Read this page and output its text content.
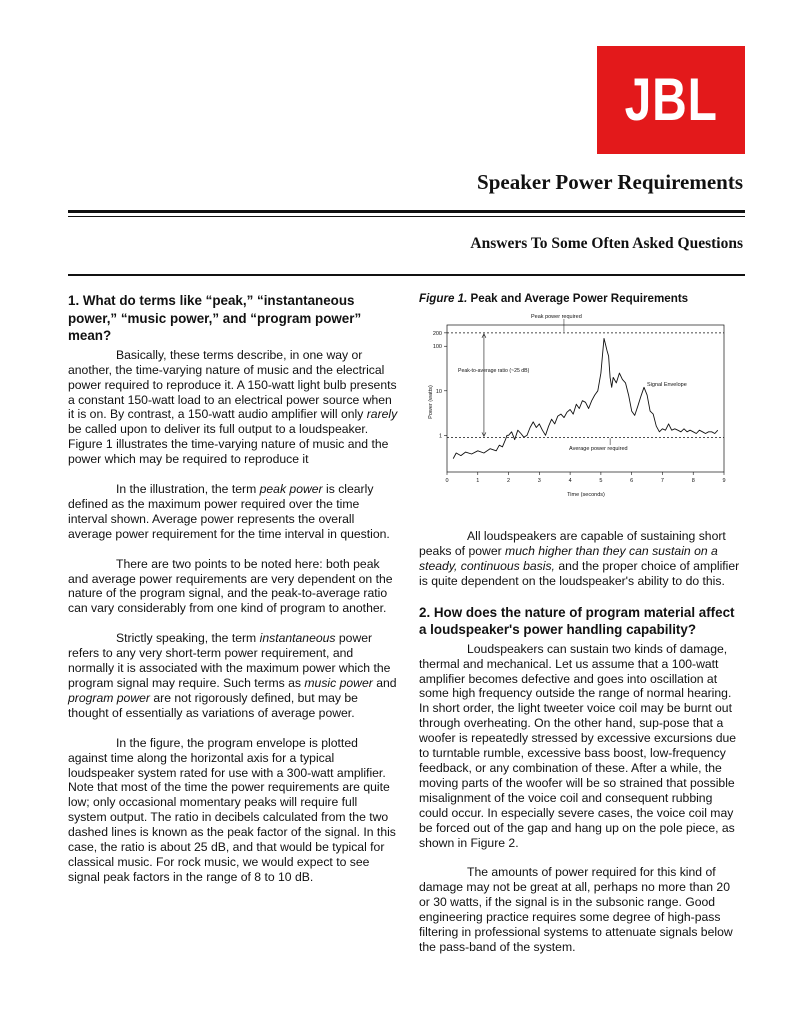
JBL
Speaker Power Requirements
Answers To Some Often Asked Questions
1. What do terms like “peak,” “instantaneous power,” “music power,” and “program power” mean?

Basically, these terms describe, in one way or another, the time-varying nature of music and the electrical power required to reproduce it. A 150-watt light bulb presents a constant 150-watt load to an electrical power source when it is on. By contrast, a 150-watt audio amplifier will only rarely be called upon to deliver its full output to a loudspeaker. Figure 1 illustrates the time-varying nature of music and the power which may be required to reproduce it

In the illustration, the term peak power is clearly defined as the maximum power required over the time interval shown. Average power represents the overall average power requirement for the time interval in question.

There are two points to be noted here: both peak and average power requirements are very dependent on the nature of the program signal, and the peak-to-average ratio can vary considerably from one kind of program to another.

Strictly speaking, the term instantaneous power refers to any very short-term power requirement, and normally it is associated with the maximum power which the program signal may require. Such terms as music power and program power are not rigorously defined, but may be thought of essentially as variations of average power.

In the figure, the program envelope is plotted against time along the horizontal axis for a typical loudspeaker system rated for use with a 300-watt amplifier. Note that most of the time the power requirements are quite low; only occasional momentary peaks will require full system output. The ratio in decibels calculated from the two dashed lines is known as the peak factor of the signal. In this case, the ratio is about 25 dB, and that would be typical for classical music. For rock music, we would expect to see signal peak factors in the range of 8 to 10 dB.

Figure 1. Peak and Average Power Requirements

All loudspeakers are capable of sustaining short peaks of power much higher than they can sustain on a steady, continuous basis, and the proper choice of amplifier is quite dependent on the loudspeaker's ability to do this.

2. How does the nature of program material affect a loudspeaker's power handling capability?

Loudspeakers can sustain two kinds of damage, thermal and mechanical. Let us assume that a 100-watt amplifier becomes defective and goes into oscillation at some high frequency outside the range of normal hearing. In short order, the light tweeter voice coil may be burnt out through overheating. On the other hand, sup-pose that a woofer is repeatedly stressed by excessive excursions due to turntable rumble, excessive bass boost, low-frequency feedback, or any combination of these. After a while, the moving parts of the woofer will be so strained that possible misalignment of the voice coil and consequent rubbing could occur. In especially severe cases, the voice coil may be forced out of the gap and hang up on the pole piece, as shown in Figure 2.

The amounts of power required for this kind of damage may not be great at all, perhaps no more than 20 or 30 watts, if the signal is in the subsonic range. Good engineering practice requires some degree of high-pass filtering in professional systems to attenuate signals below the pass-band of the system.

0	1	2	3	4	5	6	7	8	9
1
10
100
200
Time (seconds)
Power (watts)
Peak power required
Average power required
Peak-to-average ratio (~25 dB)
Signal Envelope
